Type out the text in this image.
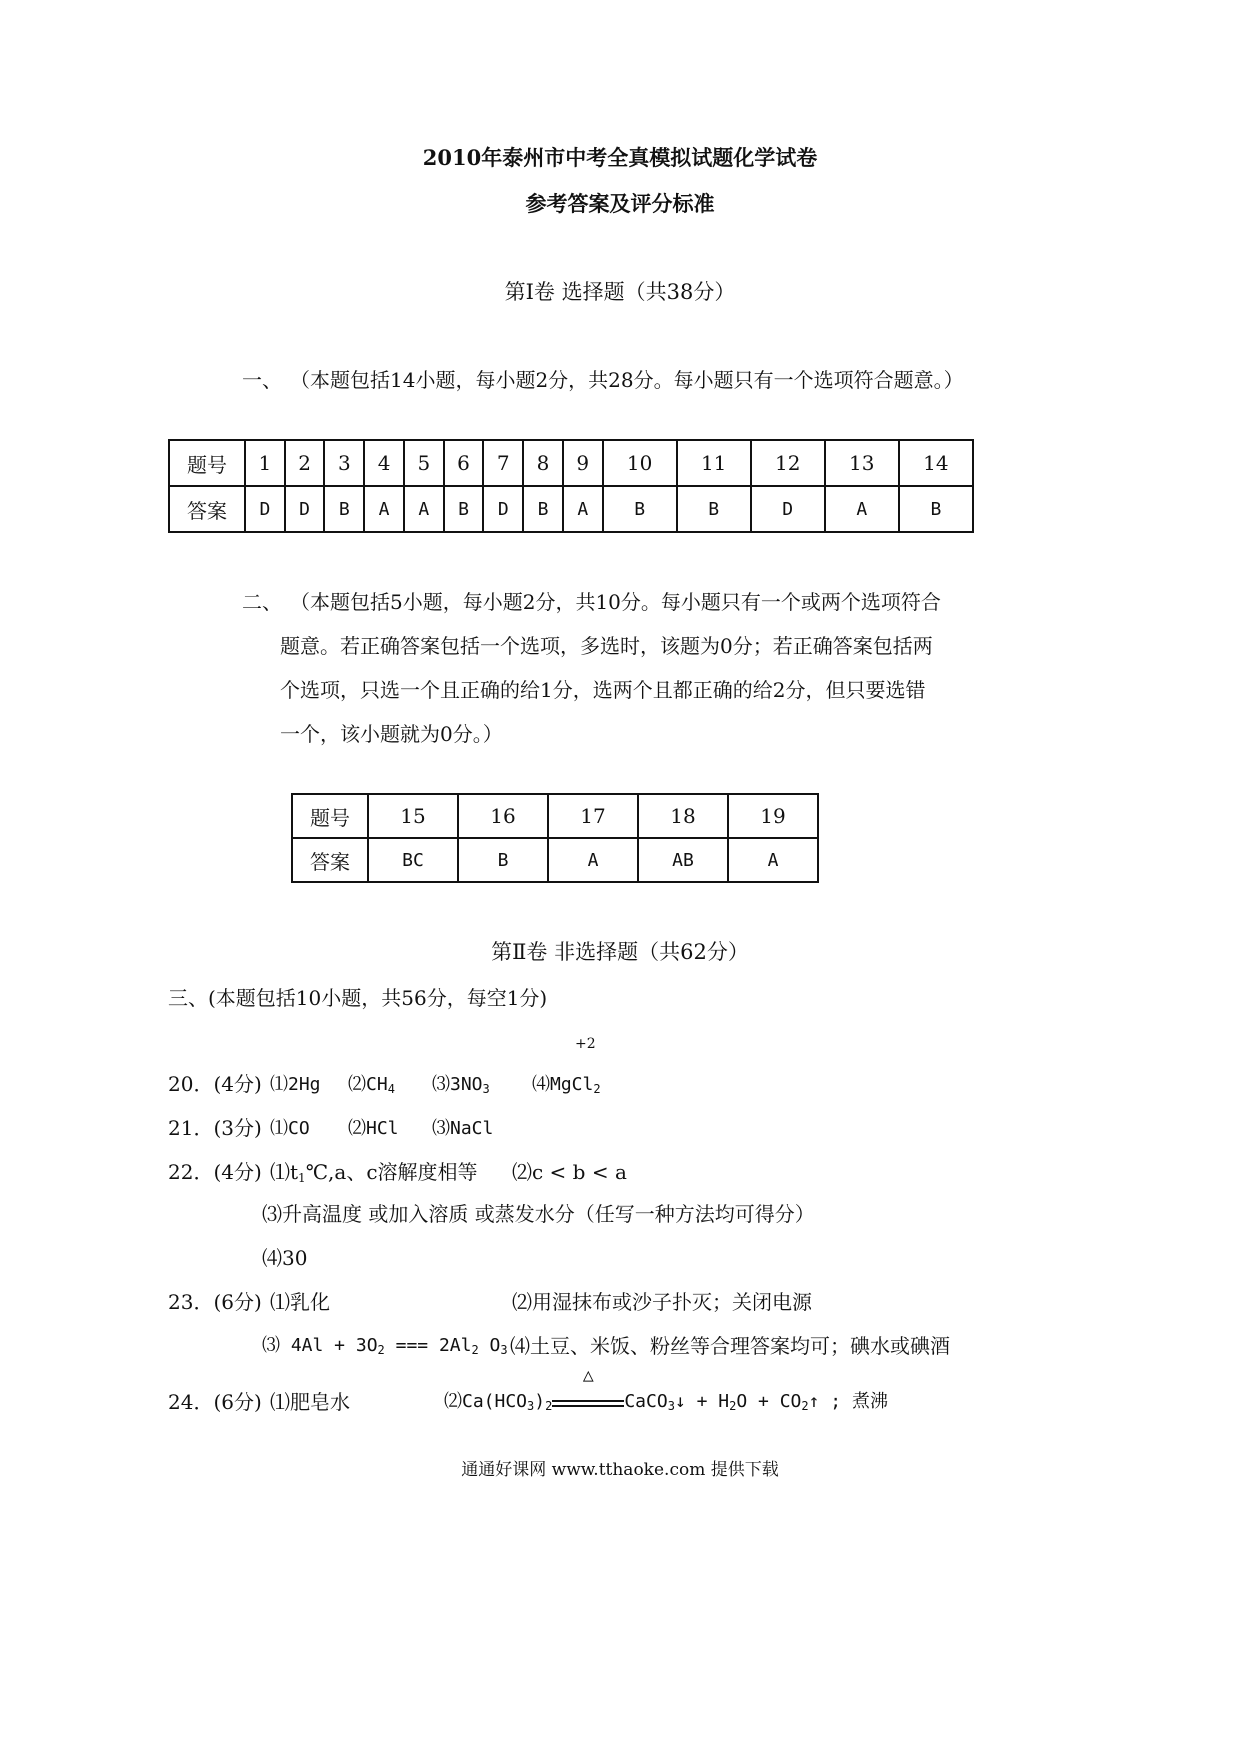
2010年泰州市中考全真模拟试题化学试卷
参考答案及评分标准
第Ⅰ卷 选择题（共38分）
一、 （本题包括14小题，每小题2分，共28分。每小题只有一个选项符合题意。）
题号	1	2	3	4	5	6	7	8	9	10	11	12	13	14
答案	D	D	B	A	A	B	D	B	A	B	B	D	A	B
二、 （本题包括5小题，每小题2分，共10分。每小题只有一个或两个选项符合
题意。若正确答案包括一个选项，多选时，该题为0分；若正确答案包括两
个选项，只选一个且正确的给1分，选两个且都正确的给2分，但只要选错
一个，该小题就为0分。）
题号	15	16	17	18	19
答案	BC	B	A	AB	A
第Ⅱ卷 非选择题（共62分）
三、(本题包括10小题，共56分，每空1分)
+2
20．(4分) ⑴2Hg $⑵CH_4$ $⑶3NO_3$ ⑷MgCl$_2$
21．(3分) ⑴CO ⑵HCl ⑶NaCl
22．(4分) $⑴t_1℃,a$、c溶解度相等 ⑵c < b < a
⑶升高温度 或加入溶质 或蒸发水分（任写一种方法均可得分）
⑷30
23．(6分) ⑴乳化	⑵用湿抹布或沙子扑灭；关闭电源
⑶ $4Al + 3O_2$ === $2Al_2$ $O_3$ ⑷土豆、米饭、粉丝等合理答案均可；碘水或碘酒
24．(6分) ⑴肥皂水	$⑵Ca(HCO_3)_2$
△
CaCO$_3$↓ + $H_2O$ + $CO_2↑$ ; 煮沸
通通好课网 www.tthaoke.com 提供下载
